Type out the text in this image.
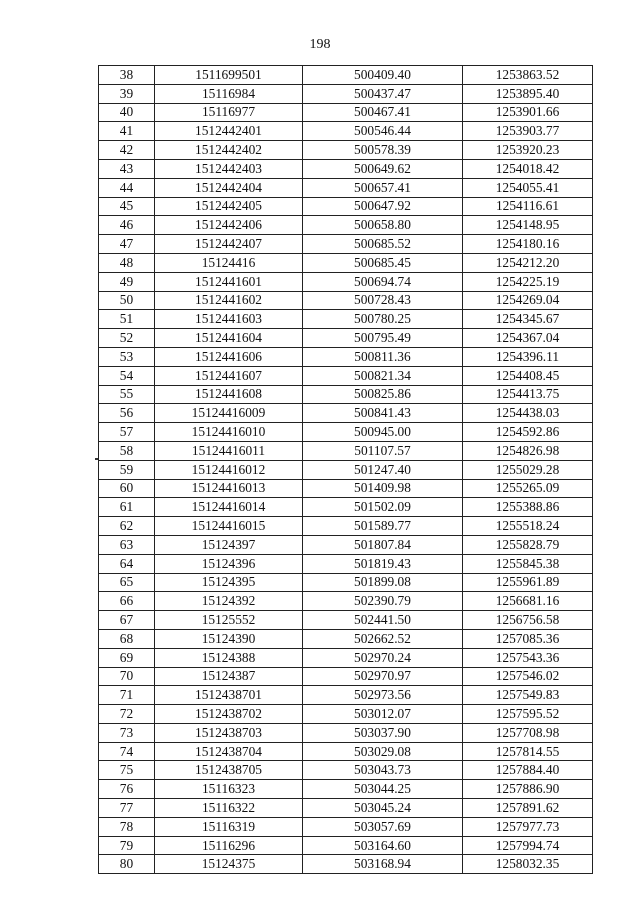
198
38	1511699501	500409.40	1253863.52
39	15116984	500437.47	1253895.40
40	15116977	500467.41	1253901.66
41	1512442401	500546.44	1253903.77
42	1512442402	500578.39	1253920.23
43	1512442403	500649.62	1254018.42
44	1512442404	500657.41	1254055.41
45	1512442405	500647.92	1254116.61
46	1512442406	500658.80	1254148.95
47	1512442407	500685.52	1254180.16
48	15124416	500685.45	1254212.20
49	1512441601	500694.74	1254225.19
50	1512441602	500728.43	1254269.04
51	1512441603	500780.25	1254345.67
52	1512441604	500795.49	1254367.04
53	1512441606	500811.36	1254396.11
54	1512441607	500821.34	1254408.45
55	1512441608	500825.86	1254413.75
56	15124416009	500841.43	1254438.03
57	15124416010	500945.00	1254592.86
58	15124416011	501107.57	1254826.98
59	15124416012	501247.40	1255029.28
60	15124416013	501409.98	1255265.09
61	15124416014	501502.09	1255388.86
62	15124416015	501589.77	1255518.24
63	15124397	501807.84	1255828.79
64	15124396	501819.43	1255845.38
65	15124395	501899.08	1255961.89
66	15124392	502390.79	1256681.16
67	15125552	502441.50	1256756.58
68	15124390	502662.52	1257085.36
69	15124388	502970.24	1257543.36
70	15124387	502970.97	1257546.02
71	1512438701	502973.56	1257549.83
72	1512438702	503012.07	1257595.52
73	1512438703	503037.90	1257708.98
74	1512438704	503029.08	1257814.55
75	1512438705	503043.73	1257884.40
76	15116323	503044.25	1257886.90
77	15116322	503045.24	1257891.62
78	15116319	503057.69	1257977.73
79	15116296	503164.60	1257994.74
80	15124375	503168.94	1258032.35
